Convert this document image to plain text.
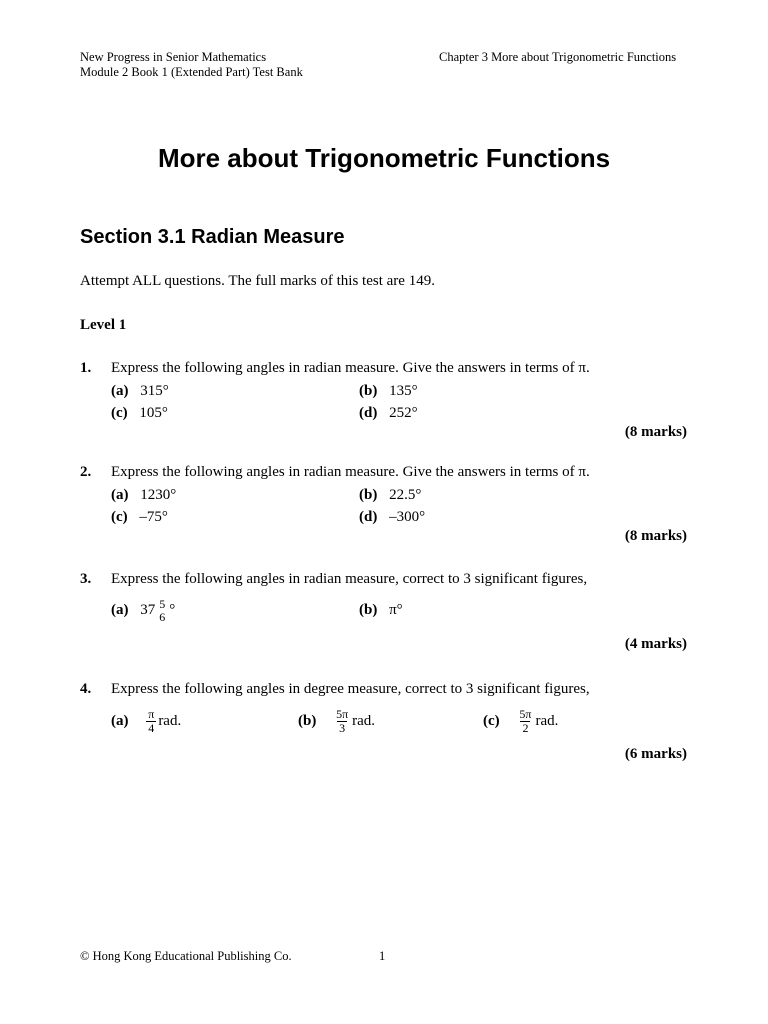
New Progress in Senior Mathematics
Module 2 Book 1 (Extended Part) Test Bank
Chapter 3 More about Trigonometric Functions
More about Trigonometric Functions
Section 3.1 Radian Measure
Attempt ALL questions. The full marks of this test are 149.
Level 1
1. Express the following angles in radian measure. Give the answers in terms of π.
(a) 315°	(b) 135°
(c) 105°	(d) 252°
(8 marks)
2. Express the following angles in radian measure. Give the answers in terms of π.
(a) 1230°	(b) 22.5°
(c) –75°	(d) –300°
(8 marks)
3. Express the following angles in radian measure, correct to 3 significant figures,
(a) 37 5
6 °	(b) π°
(4 marks)
4. Express the following angles in degree measure, correct to 3 significant figures,
$(a) \frac{\pi}{4}$ rad.	$(b) \frac{5\pi}{3}$ rad.	$(c) \frac{5\pi}{2}$ rad.
(6 marks)
© Hong Kong Educational Publishing Co.	1
